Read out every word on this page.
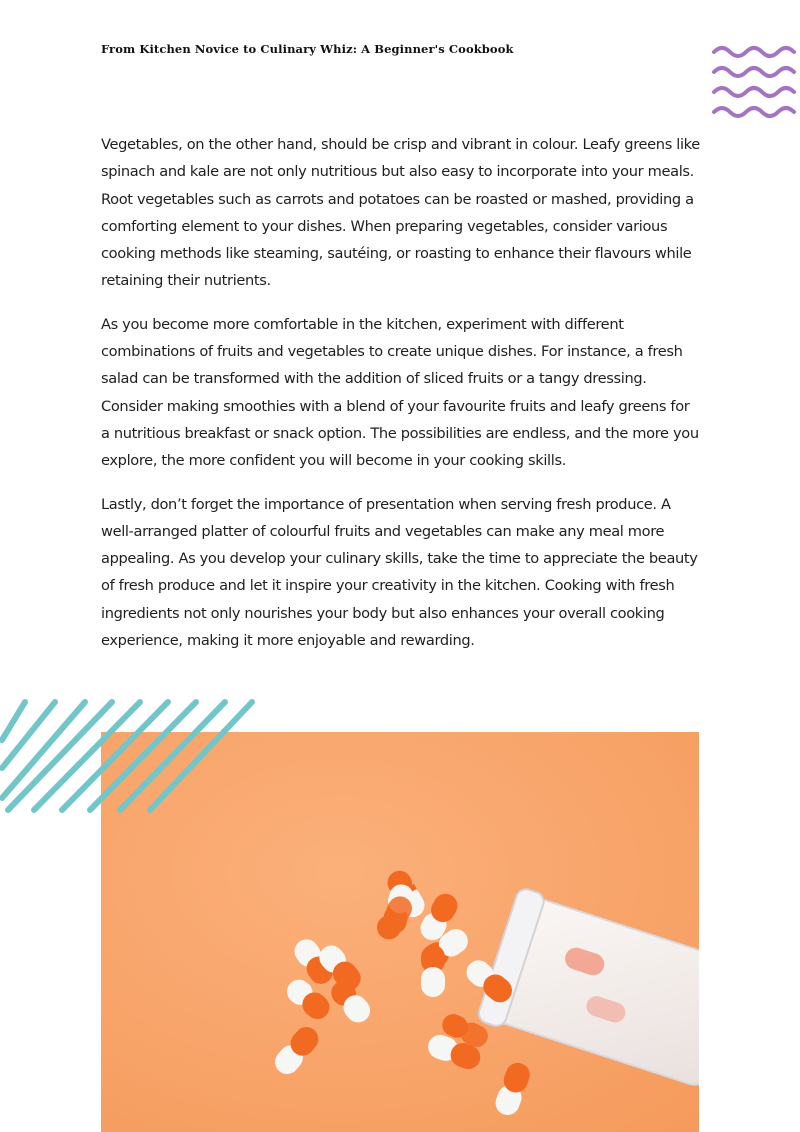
From Kitchen Novice to Culinary Whiz: A Beginner's Cookbook

Vegetables, on the other hand, should be crisp and vibrant in colour. Leafy greens like spinach and kale are not only nutritious but also easy to incorporate into your meals. Root vegetables such as carrots and potatoes can be roasted or mashed, providing a comforting element to your dishes. When preparing vegetables, consider various cooking methods like steaming, sautéing, or roasting to enhance their flavours while retaining their nutrients.

As you become more comfortable in the kitchen, experiment with different combinations of fruits and vegetables to create unique dishes. For instance, a fresh salad can be transformed with the addition of sliced fruits or a tangy dressing. Consider making smoothies with a blend of your favourite fruits and leafy greens for a nutritious breakfast or snack option. The possibilities are endless, and the more you explore, the more confident you will become in your cooking skills.

Lastly, don’t forget the importance of presentation when serving fresh produce. A well-arranged platter of colourful fruits and vegetables can make any meal more appealing. As you develop your culinary skills, take the time to appreciate the beauty of fresh produce and let it inspire your creativity in the kitchen. Cooking with fresh ingredients not only nourishes your body but also enhances your overall cooking experience, making it more enjoyable and rewarding.
